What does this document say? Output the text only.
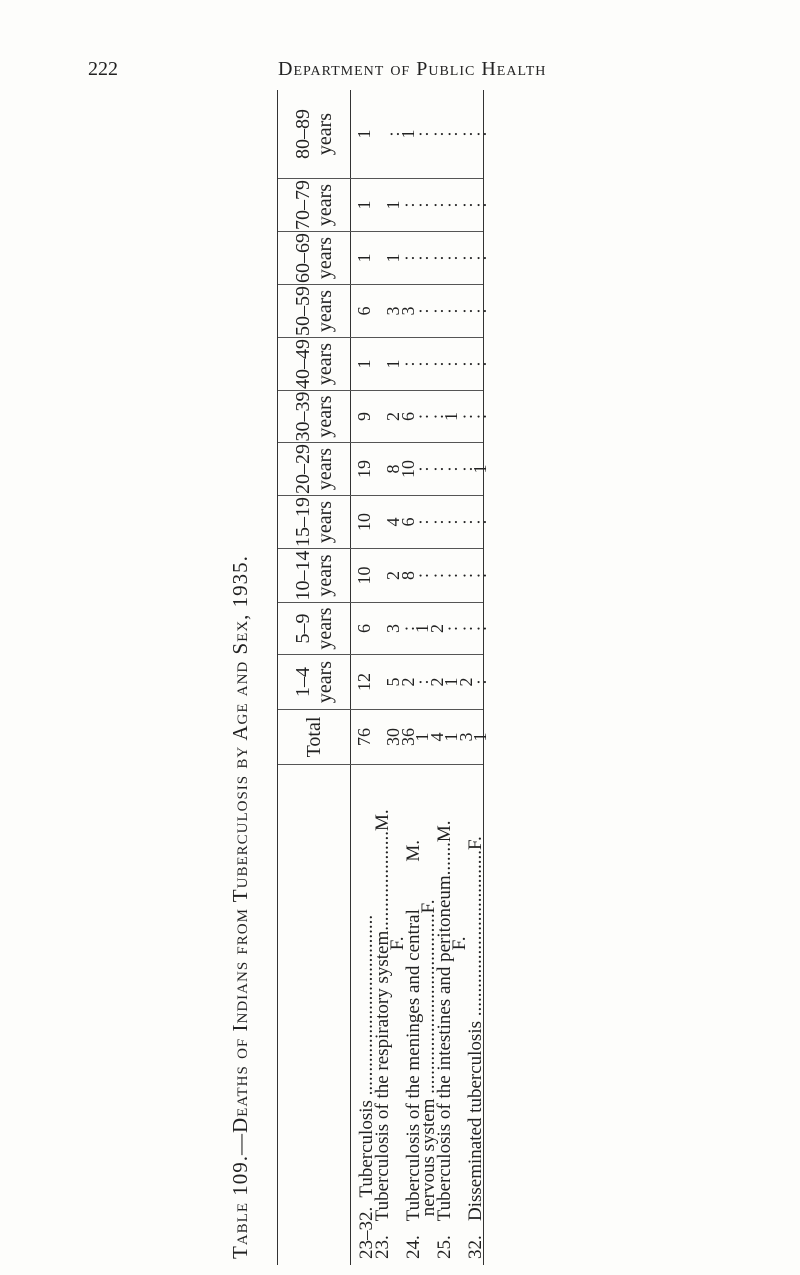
222	Department of Public Health
Table 109.—Deaths of Indians from Tuberculosis by Age and Sex, 1935.	Total
1–4 years
5–9 years
10–14 years
15–19 years
20–29 years
30–39 years
40–49 years
50–59 years
60–69 years
70–79 years
80–89 years
23–32.  Tuberculosis ......................................
23.   Tuberculosis of the respiratory system.....................M.
F.
24.   Tuberculosis of the meninges and central          M.
nervous system ......................................F.
25.   Tuberculosis of the intestines and peritoneum.......M.
F.
32.   Disseminated tuberculosis ...................................F.
76 30
36
1
4
1
3
1
12 5
2
:
2
1
2
:
6 3
:
1
2
:
:
:
10 2
8
:
:
:
:
:
10 4
6
:
:
:
:
:
19 8
10
:
:
:
:
1
9 2
6
:
:
1
:
:
1 1
:
:
:
:
:
:
6 3
3
:
:
:
:
:
1 1
:
:
:
:
:
:
1 1
:
:
:
:
:
:
1 :
1
:
:
:
:
:
